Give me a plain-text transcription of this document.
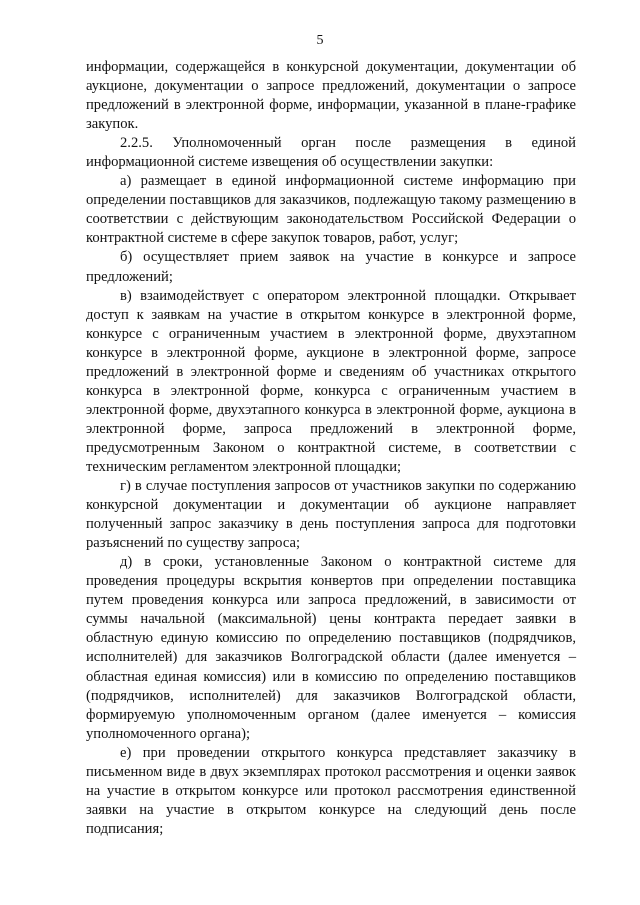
5

информации, содержащейся в конкурсной документации, документации об аукционе, документации о запросе предложений, документации о запросе предложений в электронной форме, информации, указанной в плане-графике закупок.

2.2.5. Уполномоченный орган после размещения в единой информационной системе извещения об осуществлении закупки:

а) размещает в единой информационной системе информацию при определении поставщиков для заказчиков, подлежащую такому размещению в соответствии с действующим законодательством Российской Федерации о контрактной системе в сфере закупок товаров, работ, услуг;

б) осуществляет прием заявок на участие в конкурсе и запросе предложений;

в) взаимодействует с оператором электронной площадки. Открывает доступ к заявкам на участие в открытом конкурсе в электронной форме, конкурсе с ограниченным участием в электронной форме, двухэтапном конкурсе в электронной форме, аукционе в электронной форме, запросе предложений в электронной форме и сведениям об участниках открытого конкурса в электронной форме, конкурса с ограниченным участием в электронной форме, двухэтапного конкурса в электронной форме, аукциона в электронной форме, запроса предложений в электронной форме, предусмотренным Законом о контрактной системе, в соответствии с техническим регламентом электронной площадки;

г) в случае поступления запросов от участников закупки по содержанию конкурсной документации и документации об аукционе направляет полученный запрос заказчику в день поступления запроса для подготовки разъяснений по существу запроса;

д) в сроки, установленные Законом о контрактной системе для проведения процедуры вскрытия конвертов при определении поставщика путем проведения конкурса или запроса предложений, в зависимости от суммы начальной (максимальной) цены контракта передает заявки в областную единую комиссию по определению поставщиков (подрядчиков, исполнителей) для заказчиков Волгоградской области (далее именуется – областная единая комиссия) или в комиссию по определению поставщиков (подрядчиков, исполнителей) для заказчиков Волгоградской области, формируемую уполномоченным органом (далее именуется – комиссия уполномоченного органа);

е) при проведении открытого конкурса представляет заказчику в письменном виде в двух экземплярах протокол рассмотрения и оценки заявок на участие в открытом конкурсе или протокол рассмотрения единственной заявки на участие в открытом конкурсе на следующий день после подписания;
